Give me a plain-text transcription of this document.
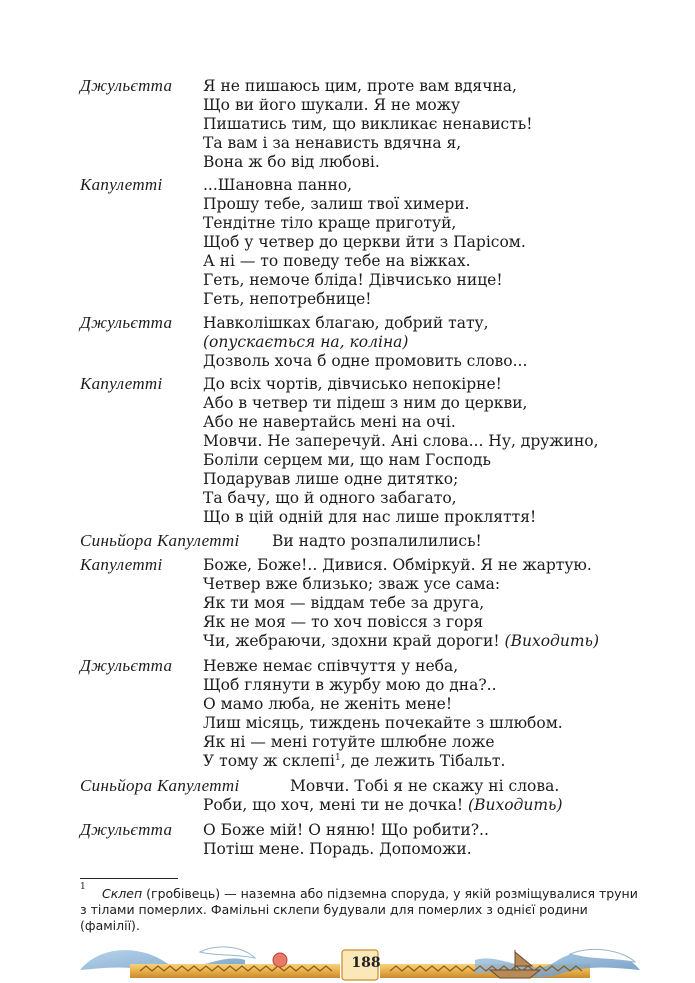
Джульєтта Я не пишаюсь цим, проте вам вдячна,
Що ви його шукали. Я не можу
Пишатись тим, що викликає ненависть!
Та вам і за ненависть вдячна я,
Вона ж бо від любові.
Капулетті	...Шановна панно,
Прошу тебе, залиш твої химери.
Тендітне тіло краще приготуй,
Щоб у четвер до церкви йти з Парісом.
А ні — то поведу тебе на віжках.
Геть, немоче бліда! Дівчисько нице!
Геть, непотребнице!
Джульєтта Навколішках благаю, добрий тату,
(опускається на, коліна)
Дозволь хоча б одне промовить слово...
Капулетті	До всіх чортів, дівчисько непокірне!
Або в четвер ти підеш з ним до церкви,
Або не навертайсь мені на очі.
Мовчи. Не заперечуй. Ані слова... Ну, дружино,
Боліли серцем ми, що нам Господь
Подарував лише одне дитятко;
Та бачу, що й одного забагато,
Що в цій одній для нас лише прокляття!
Синьйора Капулетті Ви надто розпалилились!
Капулетті	Боже, Боже!.. Дивися. Обміркуй. Я не жартую.
Четвер вже близько; зваж усе сама:
Як ти моя — віддам тебе за друга,
Як не моя — то хоч повісся з горя
Чи, жебраючи, здохни край дороги! (Виходить)
Джульєтта Невже немає співчуття у неба,
Щоб глянути в журбу мою до дна?..
О мамо люба, не женіть мене!
Лиш місяць, тиждень почекайте з шлюбом.
Як ні — мені готуйте шлюбне ложе
У тому ж склепі$^1$, де лежить Тібальт.
Синьйора Капулетті	Мовчи. Тобі я не скажу ні слова.
Роби, що хоч, мені ти не дочка! (Виходить)
Джульєтта О Боже мій! О няню! Що робити?..
Потіш мене. Порадь. Допоможи.
1	Склеп (гробівець) — наземна або підземна споруда, у якій розміщувалися труни з тілами померлих. Фамільні склепи будували для померлих з однієї родини (фамілії).
188
